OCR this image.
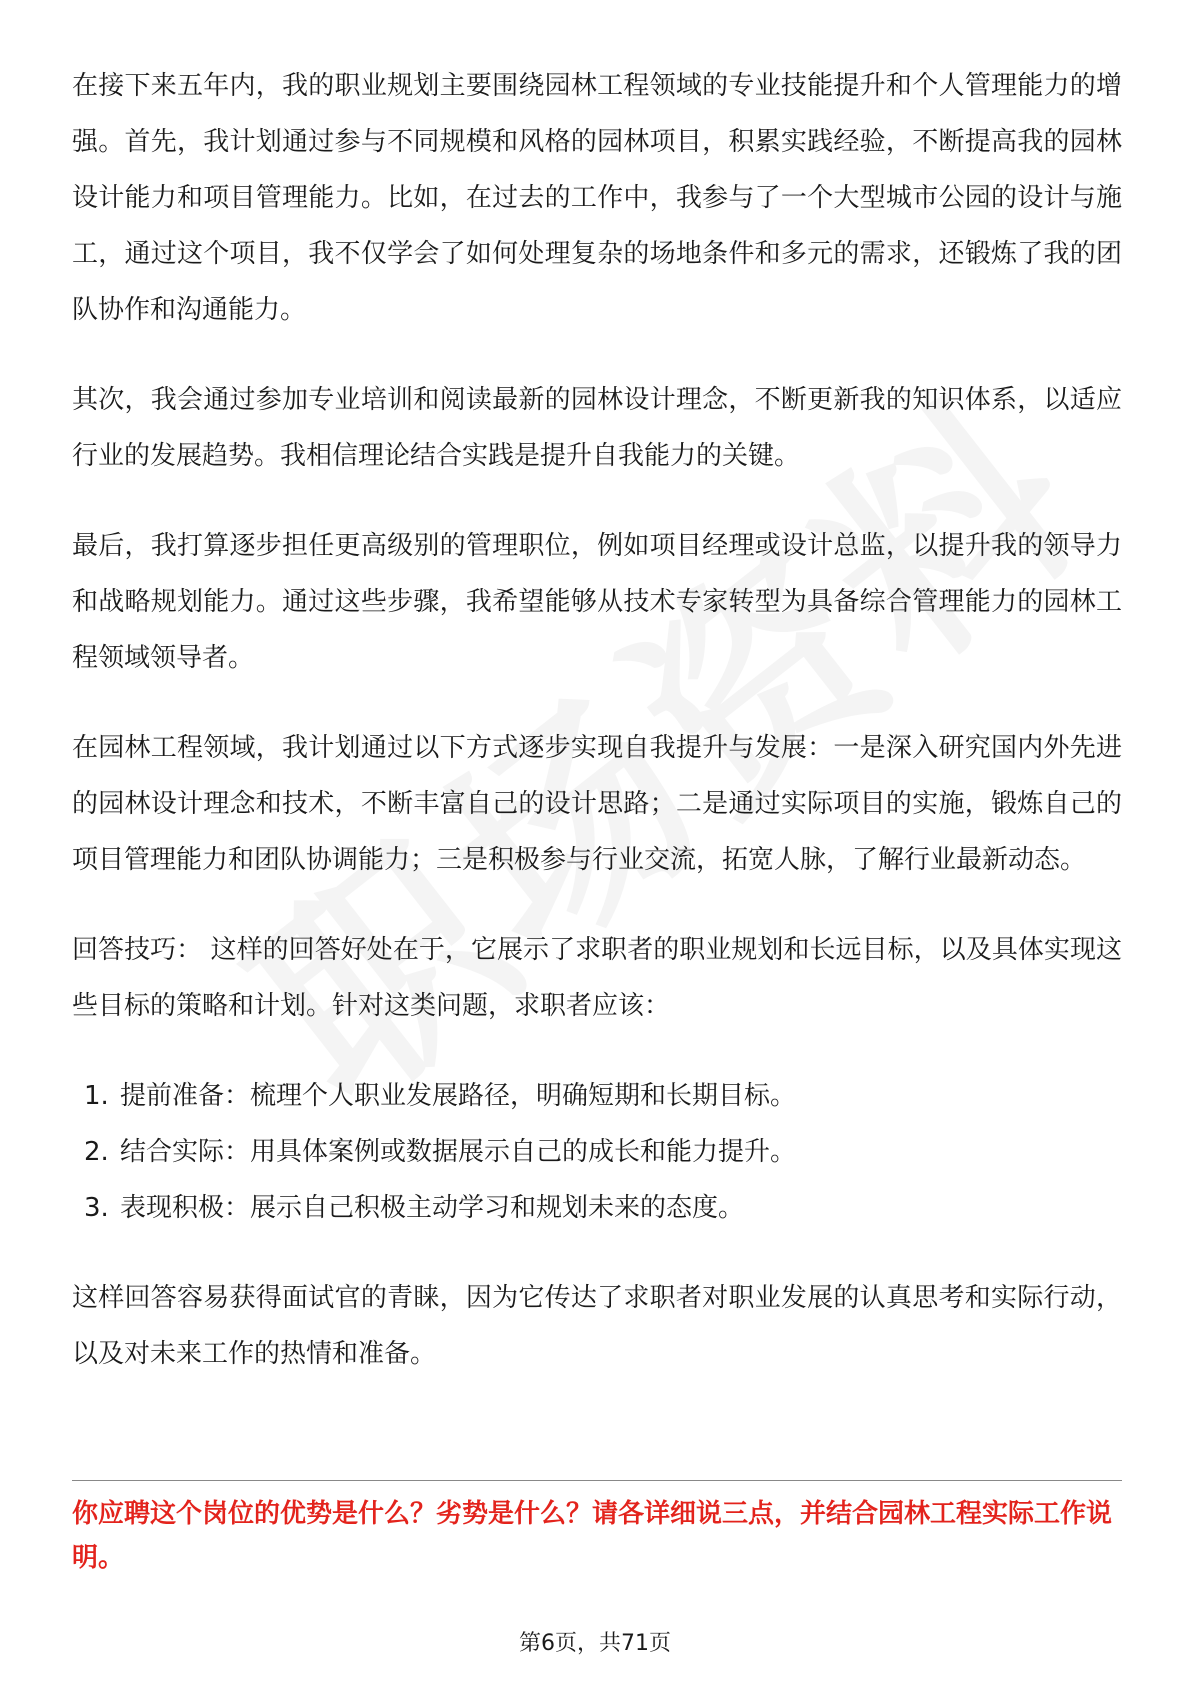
在接下来五年内，我的职业规划主要围绕园林工程领域的专业技能提升和个人管理能力的增强。首先，我计划通过参与不同规模和风格的园林项目，积累实践经验，不断提高我的园林设计能力和项目管理能力。比如，在过去的工作中，我参与了一个大型城市公园的设计与施工，通过这个项目，我不仅学会了如何处理复杂的场地条件和多元的需求，还锻炼了我的团队协作和沟通能力。

其次，我会通过参加专业培训和阅读最新的园林设计理念，不断更新我的知识体系，以适应行业的发展趋势。我相信理论结合实践是提升自我能力的关键。

最后，我打算逐步担任更高级别的管理职位，例如项目经理或设计总监，以提升我的领导力和战略规划能力。通过这些步骤，我希望能够从技术专家转型为具备综合管理能力的园林工程领域领导者。

在园林工程领域，我计划通过以下方式逐步实现自我提升与发展：一是深入研究国内外先进的园林设计理念和技术，不断丰富自己的设计思路；二是通过实际项目的实施，锻炼自己的项目管理能力和团队协调能力；三是积极参与行业交流，拓宽人脉，了解行业最新动态。

回答技巧： 这样的回答好处在于，它展示了求职者的职业规划和长远目标，以及具体实现这些目标的策略和计划。针对这类问题，求职者应该：

1. 提前准备：梳理个人职业发展路径，明确短期和长期目标。
2. 结合实际：用具体案例或数据展示自己的成长和能力提升。
3. 表现积极：展示自己积极主动学习和规划未来的态度。

这样回答容易获得面试官的青睐，因为它传达了求职者对职业发展的认真思考和实际行动，以及对未来工作的热情和准备。

你应聘这个岗位的优势是什么？劣势是什么？请各详细说三点，并结合园林工程实际工作说明。
第6页，共71页
